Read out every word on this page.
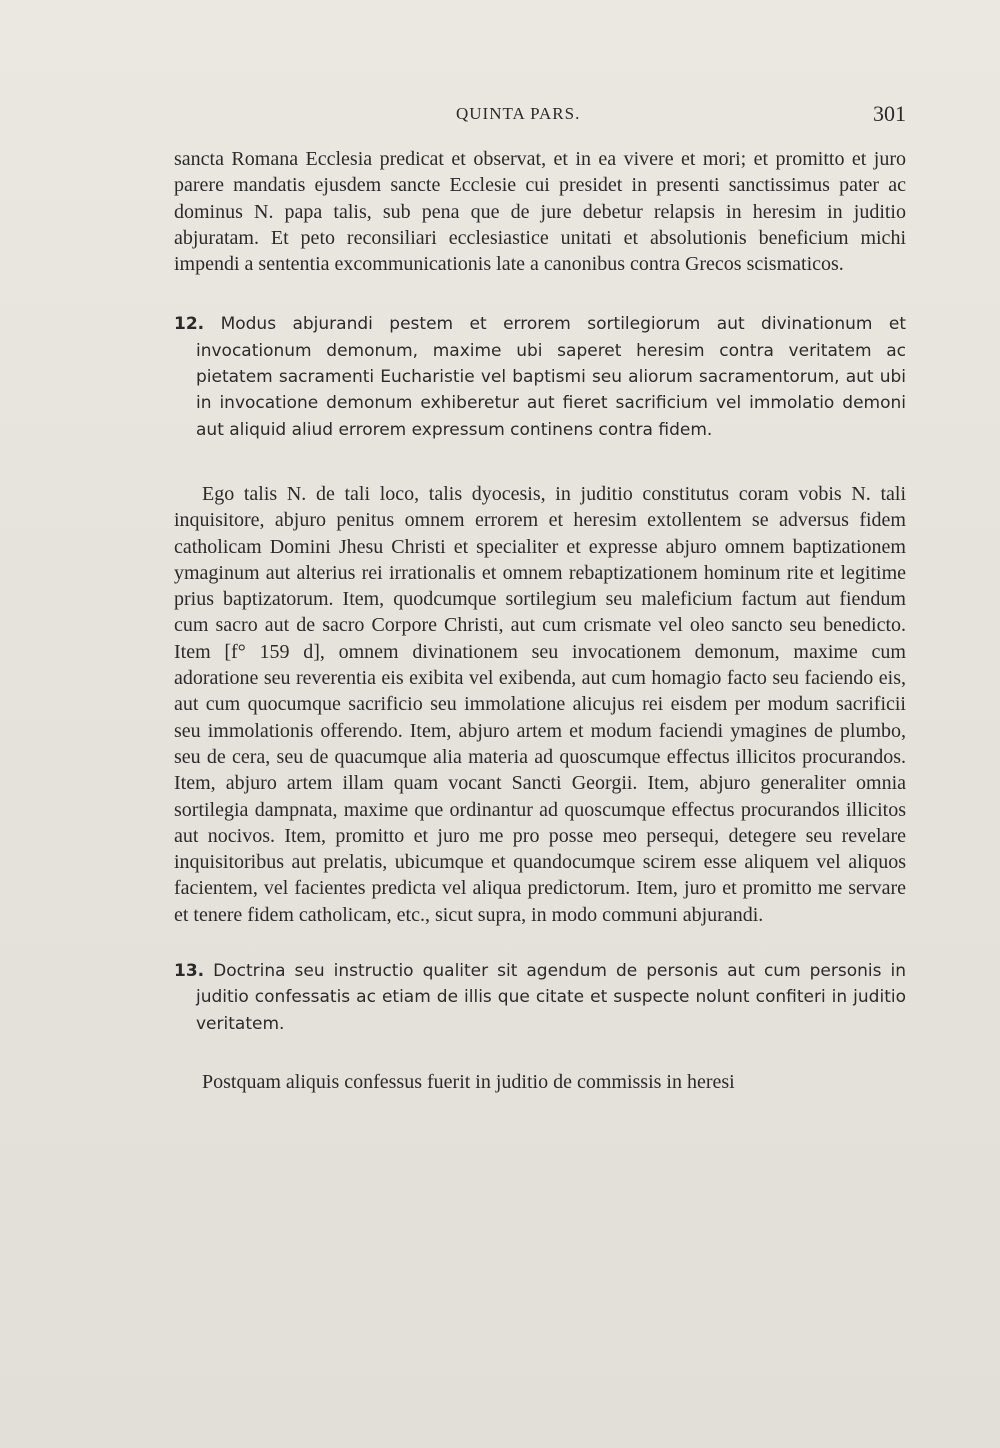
QUINTA PARS.	301

sancta Romana Ecclesia predicat et observat, et in ea vivere et mori; et promitto et juro parere mandatis ejusdem sancte Ecclesie cui presidet in presenti sanctissimus pater ac dominus N. papa talis, sub pena que de jure debetur relapsis in heresim in juditio abjuratam. Et peto reconsiliari ecclesiastice unitati et absolutionis beneficium michi impendi a sententia excommunicationis late a canonibus contra Grecos scismaticos.

12. Modus abjurandi pestem et errorem sortilegiorum aut divinationum et invocationum demonum, maxime ubi saperet heresim contra veritatem ac pietatem sacramenti Eucharistie vel baptismi seu aliorum sacramentorum, aut ubi in invocatione demonum exhiberetur aut fieret sacrificium vel immolatio demoni aut aliquid aliud errorem expressum continens contra fidem.

Ego talis N. de tali loco, talis dyocesis, in juditio constitutus coram vobis N. tali inquisitore, abjuro penitus omnem errorem et heresim extollentem se adversus fidem catholicam Domini Jhesu Christi et specialiter et expresse abjuro omnem baptizationem ymaginum aut alterius rei irrationalis et omnem rebaptizationem hominum rite et legitime prius baptizatorum. Item, quodcumque sortilegium seu maleficium factum aut fiendum cum sacro aut de sacro Corpore Christi, aut cum crismate vel oleo sancto seu benedicto. Item [f° 159 d], omnem divinationem seu invocationem demonum, maxime cum adoratione seu reverentia eis exibita vel exibenda, aut cum homagio facto seu faciendo eis, aut cum quocumque sacrificio seu immolatione alicujus rei eisdem per modum sacrificii seu immolationis offerendo. Item, abjuro artem et modum faciendi ymagines de plumbo, seu de cera, seu de quacumque alia materia ad quoscumque effectus illicitos procurandos. Item, abjuro artem illam quam vocant Sancti Georgii. Item, abjuro generaliter omnia sortilegia dampnata, maxime que ordinantur ad quoscumque effectus procurandos illicitos aut nocivos. Item, promitto et juro me pro posse meo persequi, detegere seu revelare inquisitoribus aut prelatis, ubicumque et quandocumque scirem esse aliquem vel aliquos facientem, vel facientes predicta vel aliqua predictorum. Item, juro et promitto me servare et tenere fidem catholicam, etc., sicut supra, in modo communi abjurandi.

13. Doctrina seu instructio qualiter sit agendum de personis aut cum personis in juditio confessatis ac etiam de illis que citate et suspecte nolunt confiteri in juditio veritatem.

Postquam aliquis confessus fuerit in juditio de commissis in heresi
